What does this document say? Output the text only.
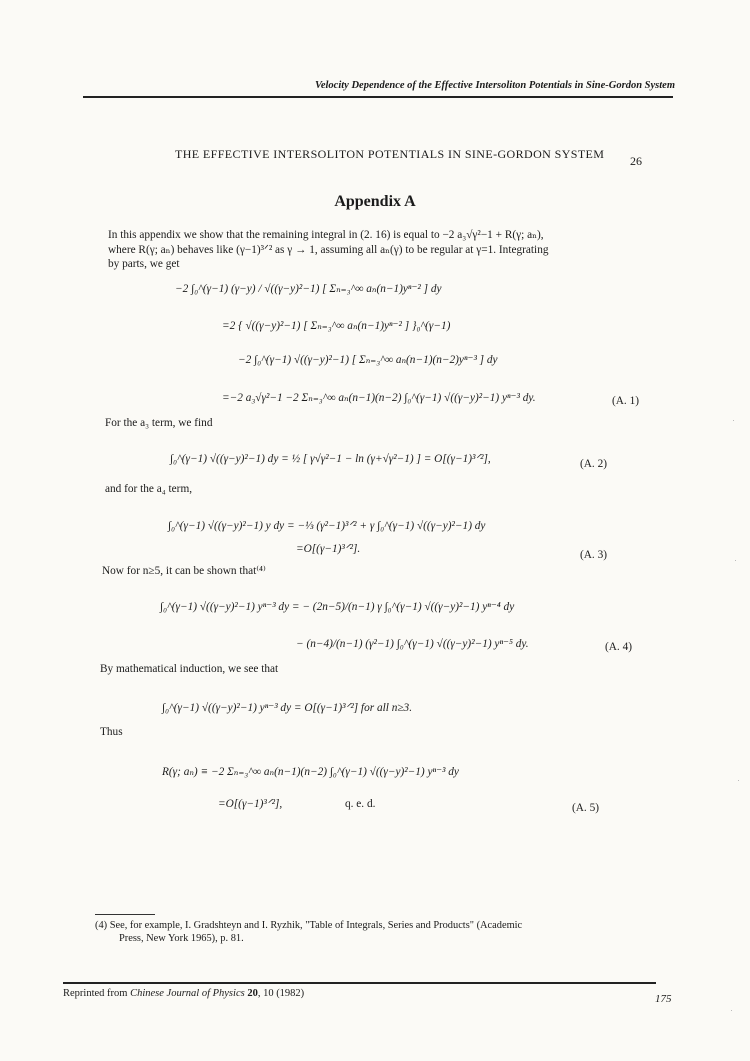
Velocity Dependence of the Effective Intersoliton Potentials in Sine-Gordon System
THE EFFECTIVE INTERSOLITON POTENTIALS IN SINE-GORDON SYSTEM 26
Appendix A
In this appendix we show that the remaining integral in (2. 16) is equal to −2 a₃√γ²−1 + R(γ; aₙ),
where R(γ; aₙ) behaves like (γ−1)³ᐟ² as γ → 1, assuming all aₙ(γ) to be regular at γ=1. Integrating
by parts, we get
−2 ∫₀^(γ−1) (γ−y) / √((γ−y)²−1) [ Σₙ₌₃^∞ aₙ(n−1)yⁿ⁻² ] dy
=2 { √((γ−y)²−1) [ Σₙ₌₃^∞ aₙ(n−1)yⁿ⁻² ] }₀^(γ−1)
−2 ∫₀^(γ−1) √((γ−y)²−1) [ Σₙ₌₃^∞ aₙ(n−1)(n−2)yⁿ⁻³ ] dy
=−2 a₃√γ²−1 −2 Σₙ₌₃^∞ aₙ(n−1)(n−2) ∫₀^(γ−1) √((γ−y)²−1) yⁿ⁻³ dy.	(A. 1)
For the a₃ term, we find
∫₀^(γ−1) √((γ−y)²−1) dy = ½ [ γ√γ²−1 − ln (γ+√γ²−1) ] = O[(γ−1)³ᐟ²],	(A. 2)
and for the a₄ term,
∫₀^(γ−1) √((γ−y)²−1) y dy = −⅓ (γ²−1)³ᐟ² + γ ∫₀^(γ−1) √((γ−y)²−1) dy
=O[(γ−1)³ᐟ²].	(A. 3)
Now for n≥5, it can be shown that⁽⁴⁾
∫₀^(γ−1) √((γ−y)²−1) yⁿ⁻³ dy = − (2n−5)/(n−1) γ ∫₀^(γ−1) √((γ−y)²−1) yⁿ⁻⁴ dy
− (n−4)/(n−1) (γ²−1) ∫₀^(γ−1) √((γ−y)²−1) yⁿ⁻⁵ dy.	(A. 4)
By mathematical induction, we see that
∫₀^(γ−1) √((γ−y)²−1) yⁿ⁻³ dy = O[(γ−1)³ᐟ²] for all n≥3.
Thus
R(γ; aₙ) ≡ −2 Σₙ₌₃^∞ aₙ(n−1)(n−2) ∫₀^(γ−1) √((γ−y)²−1) yⁿ⁻³ dy
=O[(γ−1)³ᐟ²],	q. e. d.	(A. 5)
(4) See, for example, I. Gradshteyn and I. Ryzhik, "Table of Integrals, Series and Products" (Academic
Press, New York 1965), p. 81.
Reprinted from Chinese Journal of Physics 20, 10 (1982)	175
